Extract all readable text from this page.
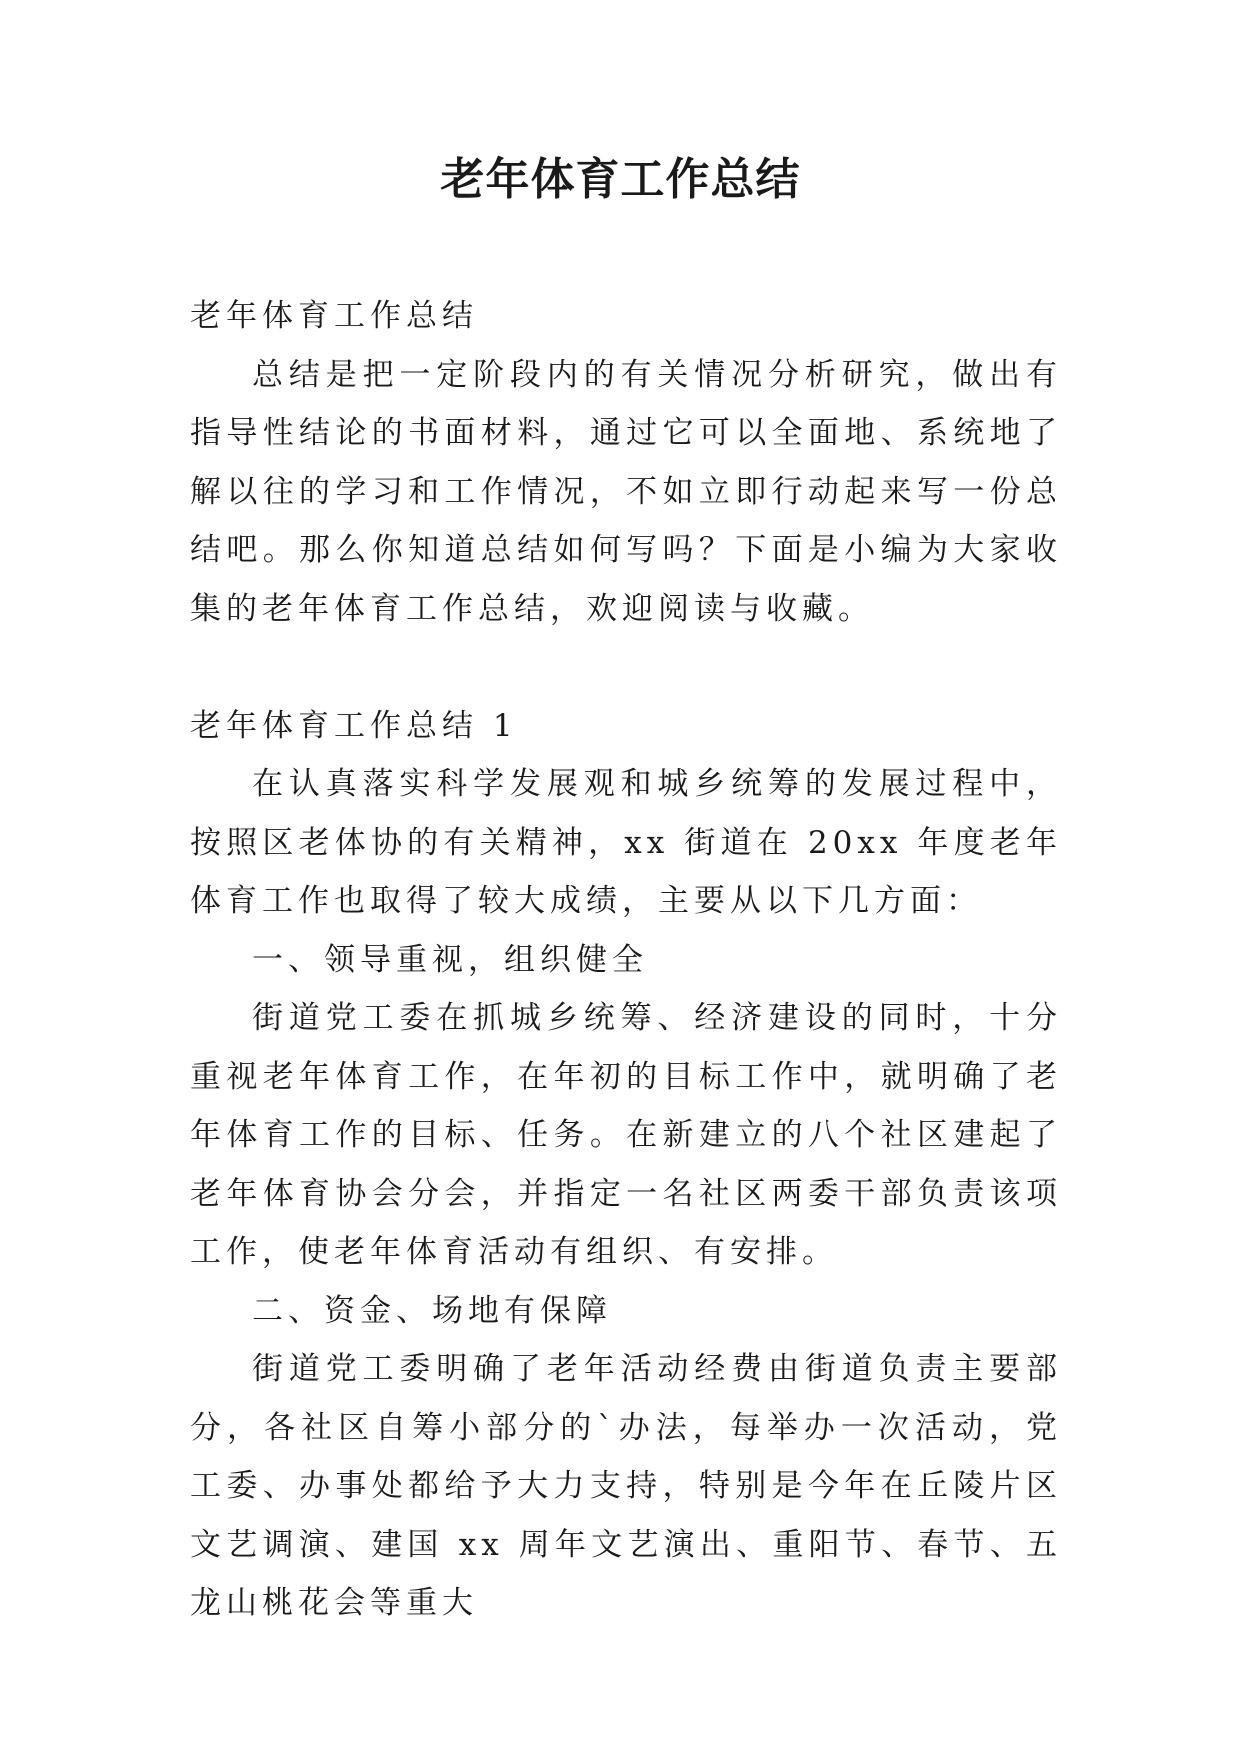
老年体育工作总结

老年体育工作总结

总结是把一定阶段内的有关情况分析研究，做出有指导性结论的书面材料，通过它可以全面地、系统地了解以往的学习和工作情况，不如立即行动起来写一份总结吧。那么你知道总结如何写吗？下面是小编为大家收集的老年体育工作总结，欢迎阅读与收藏。

老年体育工作总结 1

在认真落实科学发展观和城乡统筹的发展过程中，按照区老体协的有关精神，xx 街道在 20xx 年度老年体育工作也取得了较大成绩，主要从以下几方面：

一、领导重视，组织健全

街道党工委在抓城乡统筹、经济建设的同时，十分重视老年体育工作，在年初的目标工作中，就明确了老年体育工作的目标、任务。在新建立的八个社区建起了老年体育协会分会，并指定一名社区两委干部负责该项工作，使老年体育活动有组织、有安排。

二、资金、场地有保障

街道党工委明确了老年活动经费由街道负责主要部分，各社区自筹小部分的`办法，每举办一次活动，党工委、办事处都给予大力支持，特别是今年在丘陵片区文艺调演、建国 xx 周年文艺演出、重阳节、春节、五龙山桃花会等重大
